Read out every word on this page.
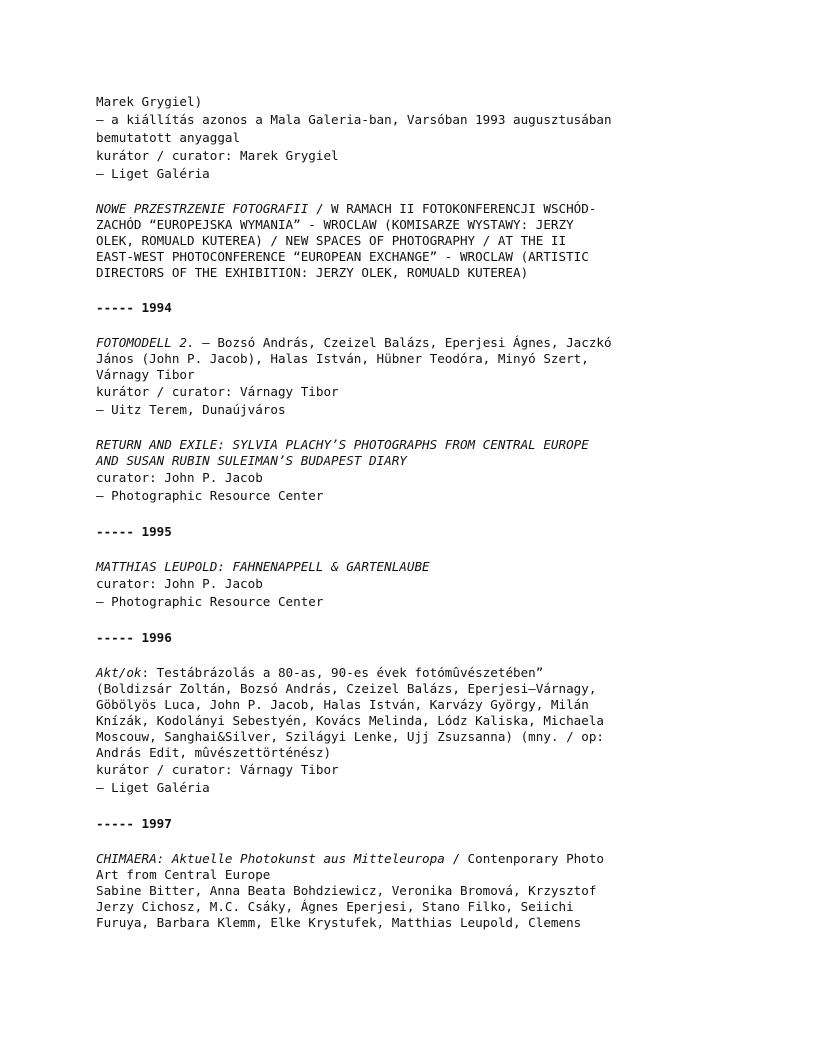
Marek Grygiel)
– a kiállítás azonos a Mala Galeria-ban, Varsóban 1993 augusztusában
bemutatott anyaggal
kurátor / curator: Marek Grygiel
– Liget Galéria
NOWE PRZESTRZENIE FOTOGRAFII / W RAMACH II FOTOKONFERENCJI WSCHÓD-
ZACHÓD “EUROPEJSKA WYMANIA” - WROCLAW (KOMISARZE WYSTAWY: JERZY
OLEK, ROMUALD KUTEREA) / NEW SPACES OF PHOTOGRAPHY / AT THE II
EAST-WEST PHOTOCONFERENCE “EUROPEAN EXCHANGE” - WROCLAW (ARTISTIC
DIRECTORS OF THE EXHIBITION: JERZY OLEK, ROMUALD KUTEREA)
----- 1994
FOTOMODELL 2. – Bozsó András, Czeizel Balázs, Eperjesi Ágnes, Jaczkó
János (John P. Jacob), Halas István, Hübner Teodóra, Minyó Szert,
Várnagy Tibor
kurátor / curator: Várnagy Tibor
– Uitz Terem, Dunaújváros
RETURN AND EXILE: SYLVIA PLACHY’S PHOTOGRAPHS FROM CENTRAL EUROPE
AND SUSAN RUBIN SULEIMAN’S BUDAPEST DIARY
curator: John P. Jacob
– Photographic Resource Center
----- 1995
MATTHIAS LEUPOLD: FAHNENAPPELL & GARTENLAUBE
curator: John P. Jacob
– Photographic Resource Center
----- 1996
Akt/ok: Testábrázolás a 80-as, 90-es évek fotómûvészetében”
(Boldizsár Zoltán, Bozsó András, Czeizel Balázs, Eperjesi–Várnagy,
Göbölyös Luca, John P. Jacob, Halas István, Karvázy György, Milán
Knízák, Kodolányi Sebestyén, Kovács Melinda, Lódz Kaliska, Michaela
Moscouw, Sanghai&Silver, Szilágyi Lenke, Ujj Zsuzsanna) (mny. / op:
András Edit, mûvészettörténész)
kurátor / curator: Várnagy Tibor
– Liget Galéria
----- 1997
CHIMAERA: Aktuelle Photokunst aus Mitteleuropa / Contenporary Photo
Art from Central Europe
Sabine Bitter, Anna Beata Bohdziewicz, Veronika Bromová, Krzysztof
Jerzy Cichosz, M.C. Csáky, Ágnes Eperjesi, Stano Filko, Seiichi
Furuya, Barbara Klemm, Elke Krystufek, Matthias Leupold, Clemens
